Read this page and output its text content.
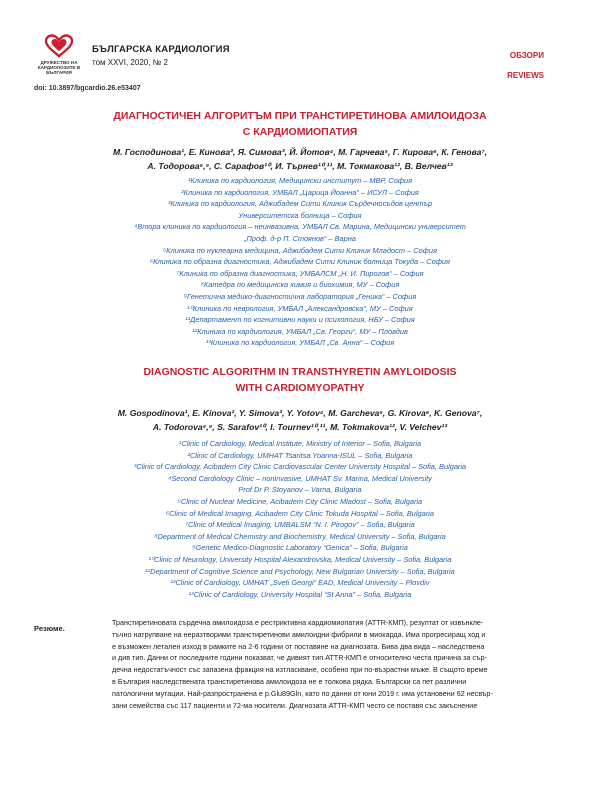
ДРУЖЕСТВО НА КАРДИОЛОЗИТЕ В БЪЛГАРИЯ
БЪЛГАРСКА КАРДИОЛОГИЯ
том XXVI, 2020, № 2
ОБЗОРИ
REVIEWS
doi: 10.3897/bgcardio.26.e53407
ДИАГНОСТИЧЕН АЛГОРИТЪМ ПРИ ТРАНСТИРЕТИНОВА АМИЛОИДОЗА
С КАРДИОМИОПАТИЯ
М. Господинова¹, Е. Кинова², Я. Симова³, Й. Йотов⁴, М. Гарчева⁵, Г. Кирова⁶, К. Генова⁷,
А. Тодорова⁸,⁹, С. Сарафов¹⁰, И. Търнев¹⁰,¹¹, М. Токмакова¹², В. Велчев¹³
¹Клиника по кардиология, Медицински институт – МВР, София
²Клиника по кардиология, УМБАЛ „Царица Йоанна“ – ИСУЛ – София
³Клиника по кардиология, Аджибадем Сити Клиник Сърдечносъдов център
Университетска болница – София
⁴Втора клиника по кардиология – неинвазивна, УМБАЛ Св. Марина, Медицински университет
„Проф. д-р П. Стоянов“ – Варна
⁵Клиника по нуклеарна медицина, Аджибадем Сити Клиник Младост – София
⁶Клиника по образна диагностика, Аджибадем Сити Клиник болница Токуда – София
⁷Клиника по образна диагностика, УМБАЛСМ „Н. И. Пирогов“ – София
⁸Катедра по медицинска химия и биохимия, МУ – София
⁹Генетична медико-диагностична лаборатория „Геника“ – София
¹⁰Клиника по неврология, УМБАЛ „Александровска“, МУ – София
¹¹Департамент по когнитивни науки и психология, НБУ – София
¹²Клиника по кардиология, УМБАЛ „Св. Георги“, МУ – Пловдив
¹³Клиника по кардиология, УМБАЛ „Св. Анна“ – София
DIAGNOSTIC ALGORITHM IN TRANSTHYRETIN AMYLOIDOSIS
WITH CARDIOMYOPATHY
M. Gospodinova¹, E. Kinova², Y. Simova³, Y. Yotov⁴, M. Garcheva⁵, G. Kirova⁶, K. Genova⁷,
A. Todorova⁸,⁹, S. Sarafov¹⁰, I. Tournev¹⁰,¹¹, M. Tokmakova¹², V. Velchev¹³
¹Clinic of Cardiology, Medical Institute, Ministry of Interior – Sofia, Bulgaria
²Clinic of Cardiology, UMHAT Tsaritsa Yoanna-ISUL – Sofia, Bulgaria
³Clinic of Cardiology, Acibadem City Clinic Cardiovascular Center University Hospital – Sofia, Bulgaria
⁴Second Cardiology Clinic – noninvasive, UMHAT Sv. Marina, Medical University
Prof Dr P. Stoyanov – Varna, Bulgaria
⁵Clinic of Nuclear Medicine, Acibadem City Clinic Mladost – Sofia, Bulgaria
⁶Clinic of Medical Imaging, Acibadem City Clinic Tokuda Hospital – Sofia, Bulgaria
⁷Clinic of Medical Imaging, UMBALSM “N. I. Pirogov” – Sofia, Bulgaria
⁸Department of Medical Chemistry and Biochemistry, Medical University – Sofia, Bulgaria
⁹Genetic Medico-Diagnostic Laboratory “Genica” – Sofia, Bulgaria
¹⁰Clinic of Neurology, University Hospital Alexandrovska, Medical University – Sofia, Bulgaria
¹¹Department of Cognitive Science and Psychology, New Bulgarian University – Sofia, Bulgaria
¹²Clinic of Cardiology, UMHAT „Sveti Georgi“ EAD, Medical University – Plovdiv
¹³Clinic of Cardiology, University Hospital “St Anna” – Sofia, Bulgaria
Резюме.
Транстиретиновата сърдечна амилоидоза е рестриктивна кардиомиопатия (АТТR-КМП), резултат от извънкле-
тъчно натрупване на неразтворими транстиретинови амилоидни фибрили в миокарда. Има прогресиращ ход и
е възможен летален изход в рамките на 2-6 години от поставяне на диагнозата. Бива два вида – наследствена
и див тип. Данни от последните години показват, че дивият тип АТТR-КМП е относително честа причина за сър-
дечна недостатъчност със запазена фракция на изтласкване, особено при по-възрастни мъже. В същото време
в България наследствената транстиретинова амилоидоза не е толкова рядка. Български са пет различни
патологични мутации. Най-разпространена е p.Glu89Gln, като по данни от юни 2019 г. има установени 62 несвър-
зани семейства със 117 пациенти и 72-ма носители. Диагнозата АТТR-КМП често се поставя със закъснение
